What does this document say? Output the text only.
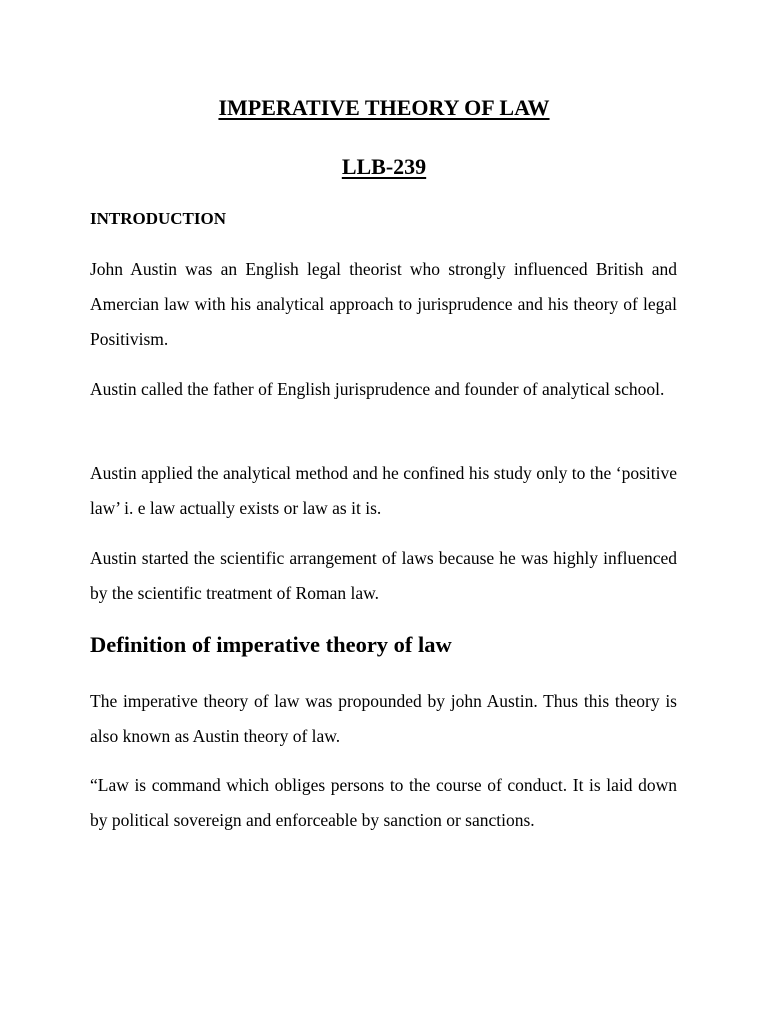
IMPERATIVE THEORY OF LAW
LLB-239
INTRODUCTION

John Austin was an English legal theorist who strongly influenced British and Amercian law with his analytical approach to jurisprudence and his theory of legal Positivism.

Austin called the father of English jurisprudence and founder of analytical school.

Austin applied the analytical method and he confined his study only to the ‘positive law’ i. e law actually exists or law as it is.

Austin started the scientific arrangement of laws because he was highly influenced by the scientific treatment of Roman law.

Definition of imperative theory of law

The imperative theory of law was propounded by john Austin. Thus this theory is also known as Austin theory of law.

“Law is command which obliges persons to the course of conduct. It is laid down by political sovereign and enforceable by sanction or sanctions.
